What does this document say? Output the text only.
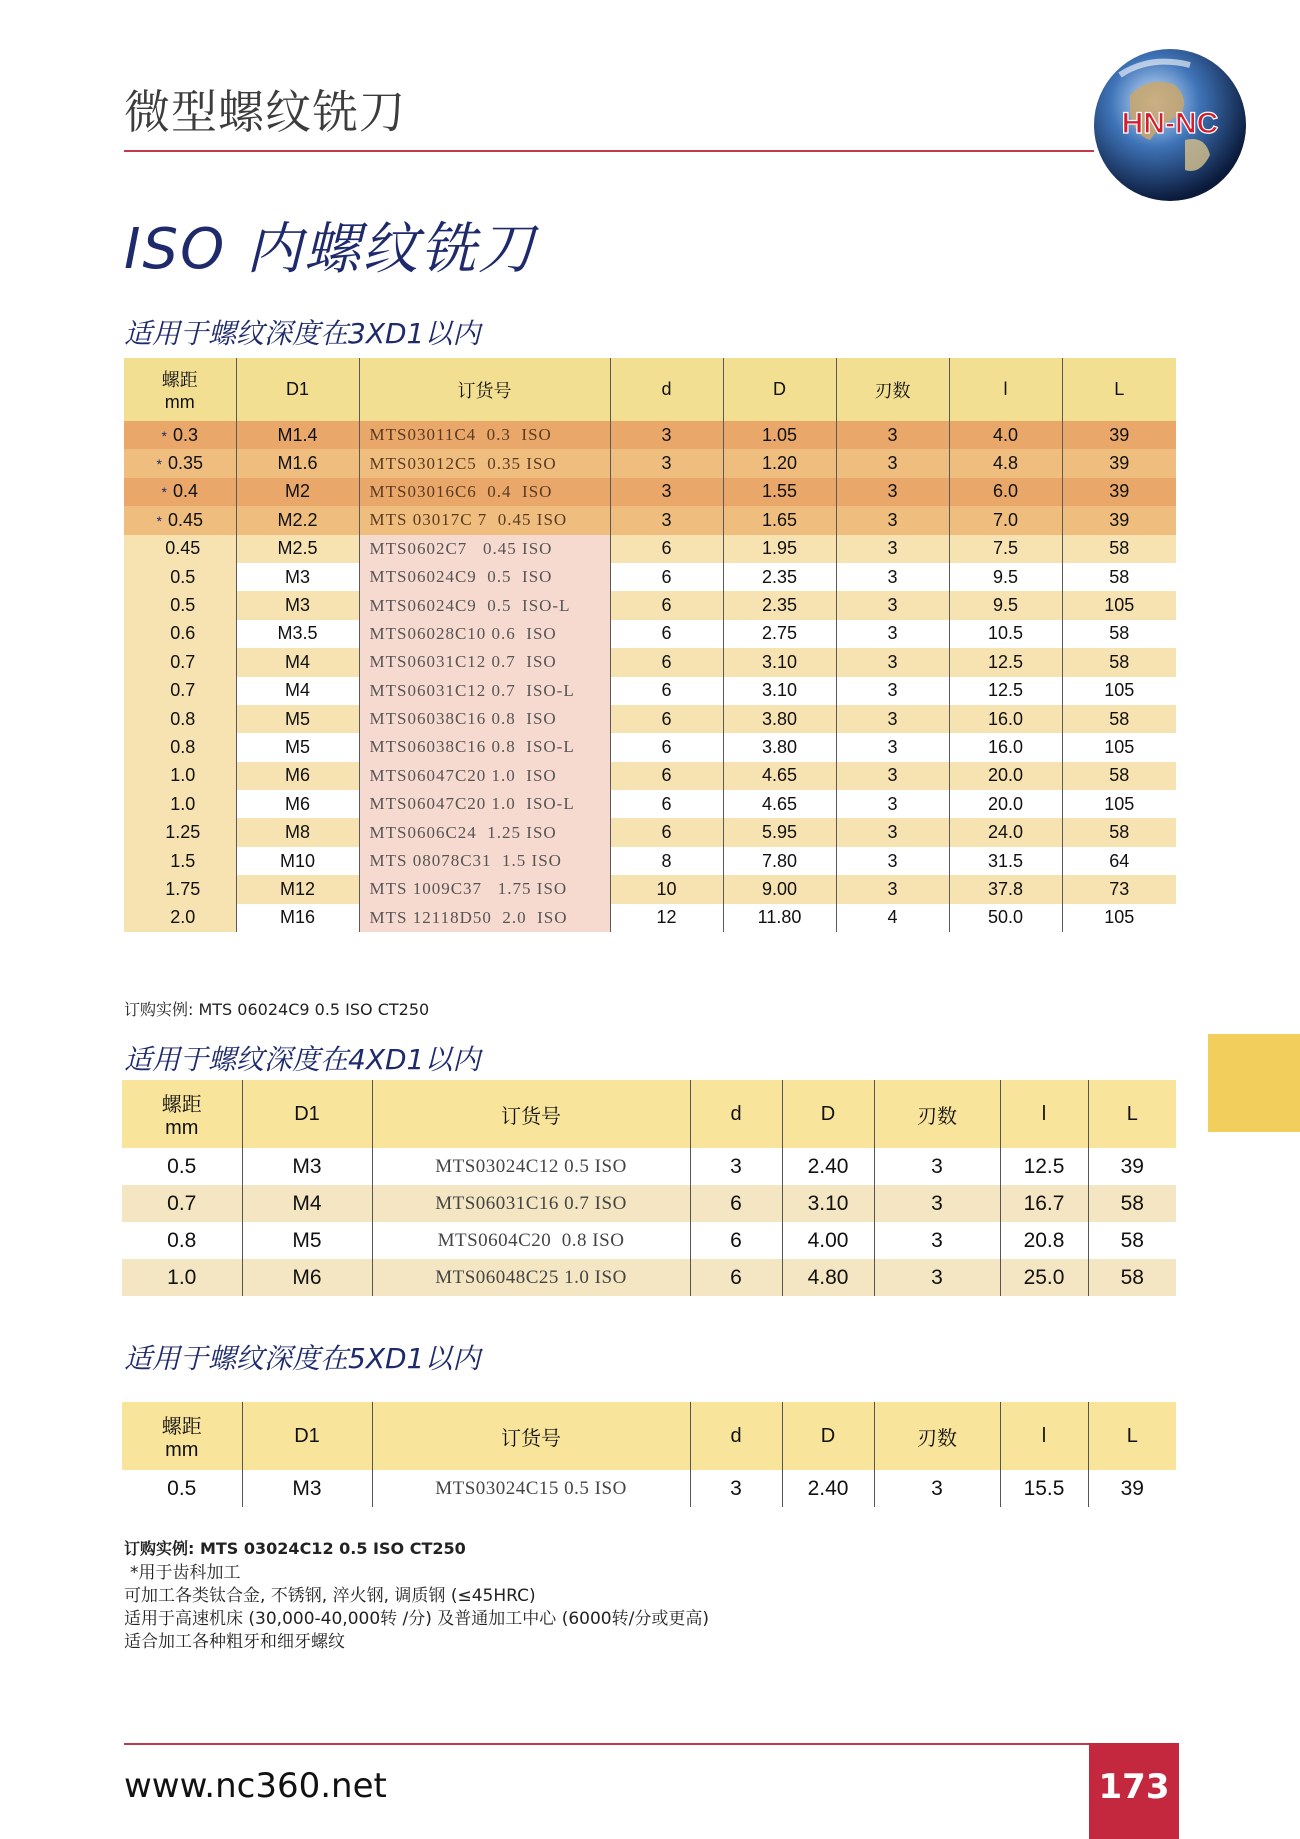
微型螺纹铣刀	HN-NC
ISO 内螺纹铣刀
适用于螺纹深度在3XD1以内
螺距
mm	D1	订货号	d	D	刃数	l	L
* 0.3	M1.4	MTS03011C4  0.3  ISO	3	1.05	3	4.0	39
* 0.35	M1.6	MTS03012C5  0.35 ISO	3	1.20	3	4.8	39
* 0.4	M2	MTS03016C6  0.4  ISO	3	1.55	3	6.0	39
* 0.45	M2.2	MTS 03017C 7  0.45 ISO	3	1.65	3	7.0	39
0.45	M2.5	MTS0602C7   0.45 ISO	6	1.95	3	7.5	58
0.5	M3	MTS06024C9  0.5  ISO	6	2.35	3	9.5	58
0.5	M3	MTS06024C9  0.5  ISO-L	6	2.35	3	9.5	105
0.6	M3.5	MTS06028C10 0.6  ISO	6	2.75	3	10.5	58
0.7	M4	MTS06031C12 0.7  ISO	6	3.10	3	12.5	58
0.7	M4	MTS06031C12 0.7  ISO-L	6	3.10	3	12.5	105
0.8	M5	MTS06038C16 0.8  ISO	6	3.80	3	16.0	58
0.8	M5	MTS06038C16 0.8  ISO-L	6	3.80	3	16.0	105
1.0	M6	MTS06047C20 1.0  ISO	6	4.65	3	20.0	58
1.0	M6	MTS06047C20 1.0  ISO-L	6	4.65	3	20.0	105
1.25	M8	MTS0606C24  1.25 ISO	6	5.95	3	24.0	58
1.5	M10	MTS 08078C31  1.5 ISO	8	7.80	3	31.5	64
1.75	M12	MTS 1009C37   1.75 ISO	10	9.00	3	37.8	73
2.0	M16	MTS 12118D50  2.0  ISO	12	11.80	4	50.0	105
订购实例: MTS 06024C9 0.5 ISO CT250
适用于螺纹深度在4XD1以内
螺距
mm	D1	订货号	d	D	刃数	l	L
0.5	M3	MTS03024C12 0.5 ISO	3	2.40	3	12.5	39
0.7	M4	MTS06031C16 0.7 ISO	6	3.10	3	16.7	58
0.8	M5	MTS0604C20  0.8 ISO	6	4.00	3	20.8	58
1.0	M6	MTS06048C25 1.0 ISO	6	4.80	3	25.0	58
适用于螺纹深度在5XD1以内
螺距
mm	D1	订货号	d	D	刃数	l	L
0.5	M3	MTS03024C15 0.5 ISO	3	2.40	3	15.5	39
订购实例: MTS 03024C12 0.5 ISO CT250
*用于齿科加工
可加工各类钛合金, 不锈钢, 淬火钢, 调质钢 (≤45HRC)
适用于高速机床 (30,000-40,000转 /分) 及普通加工中心 (6000转/分或更高)
适合加工各种粗牙和细牙螺纹
www.nc360.net	173
